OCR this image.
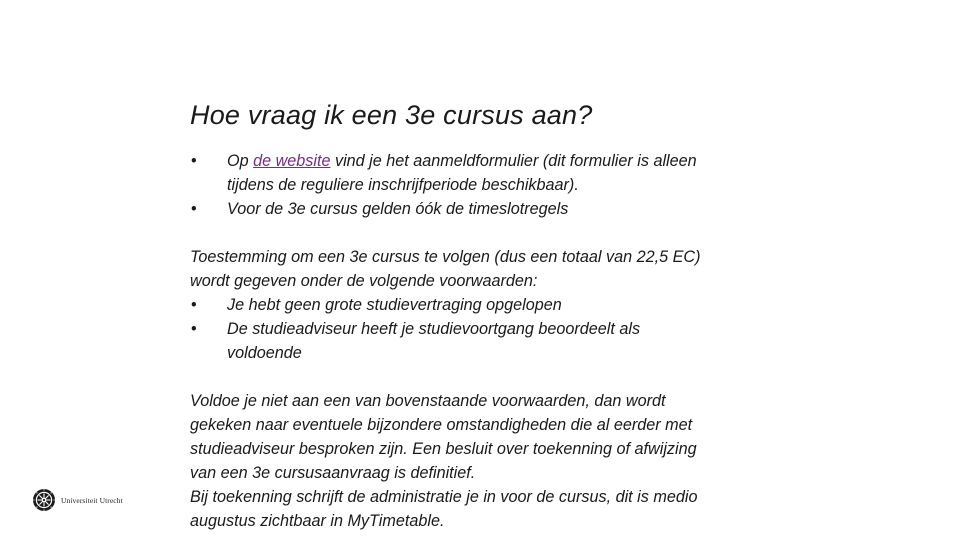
Hoe vraag ik een 3e cursus aan?
•	Op de website vind je het aanmeldformulier (dit formulier is alleen
tijdens de reguliere inschrijfperiode beschikbaar).
•	Voor de 3e cursus gelden óók de timeslotregels
Toestemming om een 3e cursus te volgen (dus een totaal van 22,5 EC)
wordt gegeven onder de volgende voorwaarden:
•	Je hebt geen grote studievertraging opgelopen
•	De studieadviseur heeft je studievoortgang beoordeelt als
voldoende
Voldoe je niet aan een van bovenstaande voorwaarden, dan wordt
gekeken naar eventuele bijzondere omstandigheden die al eerder met
studieadviseur besproken zijn. Een besluit over toekenning of afwijzing
van een 3e cursusaanvraag is definitief.
Bij toekenning schrijft de administratie je in voor de cursus, dit is medio
augustus zichtbaar in MyTimetable.
Universiteit Utrecht
